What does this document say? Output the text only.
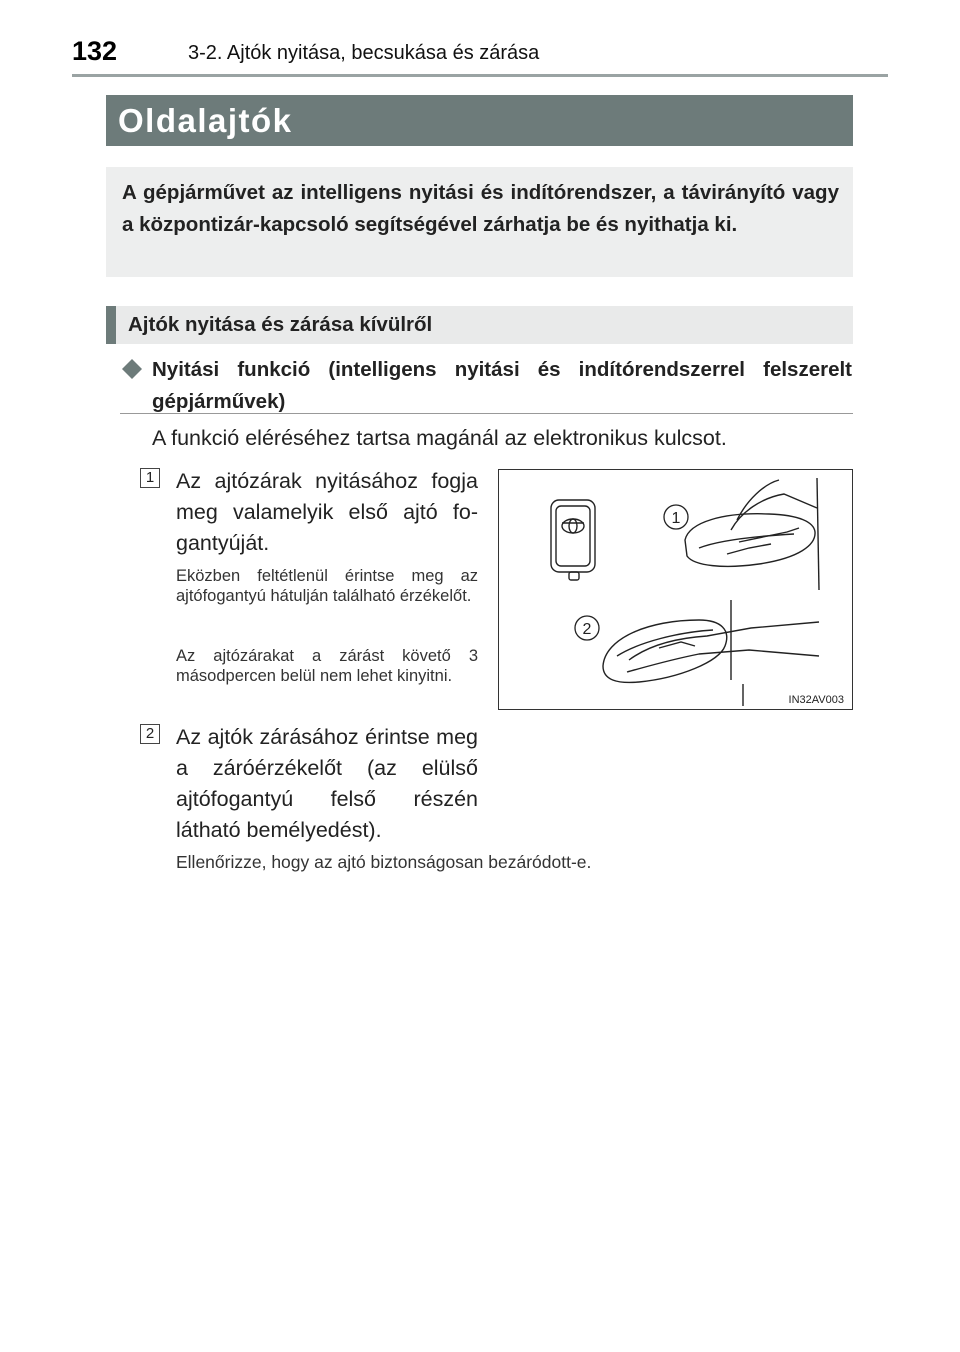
132	3-2. Ajtók nyitása, becsukása és zárása
Oldalajtók
A gépjárművet az intelligens nyitási és indítórendszer, a távirányító vagy a központizár-kapcsoló segítségével zárhatja be és nyithatja ki.
Ajtók nyitása és zárása kívülről
Nyitási funkció (intelligens nyitási és indítórendszerrel felszerelt gépjárművek)
A funkció eléréséhez tartsa magánál az elektronikus kulcsot.
1 Az ajtózárak nyitásához fogja meg valamelyik első ajtó fogantyúját.
Eközben feltétlenül érintse meg az ajtófogantyú hátulján található érzékelőt.
Az ajtózárakat a zárást követő 3 másodpercen belül nem lehet kinyitni.
2 Az ajtók zárásához érintse meg a záróérzékelőt (az elülső ajtófogantyú felső részén látható bemélyedést).
Ellenőrizze, hogy az ajtó biztonságosan bezáródott-e.
1
2
IN32AV003
